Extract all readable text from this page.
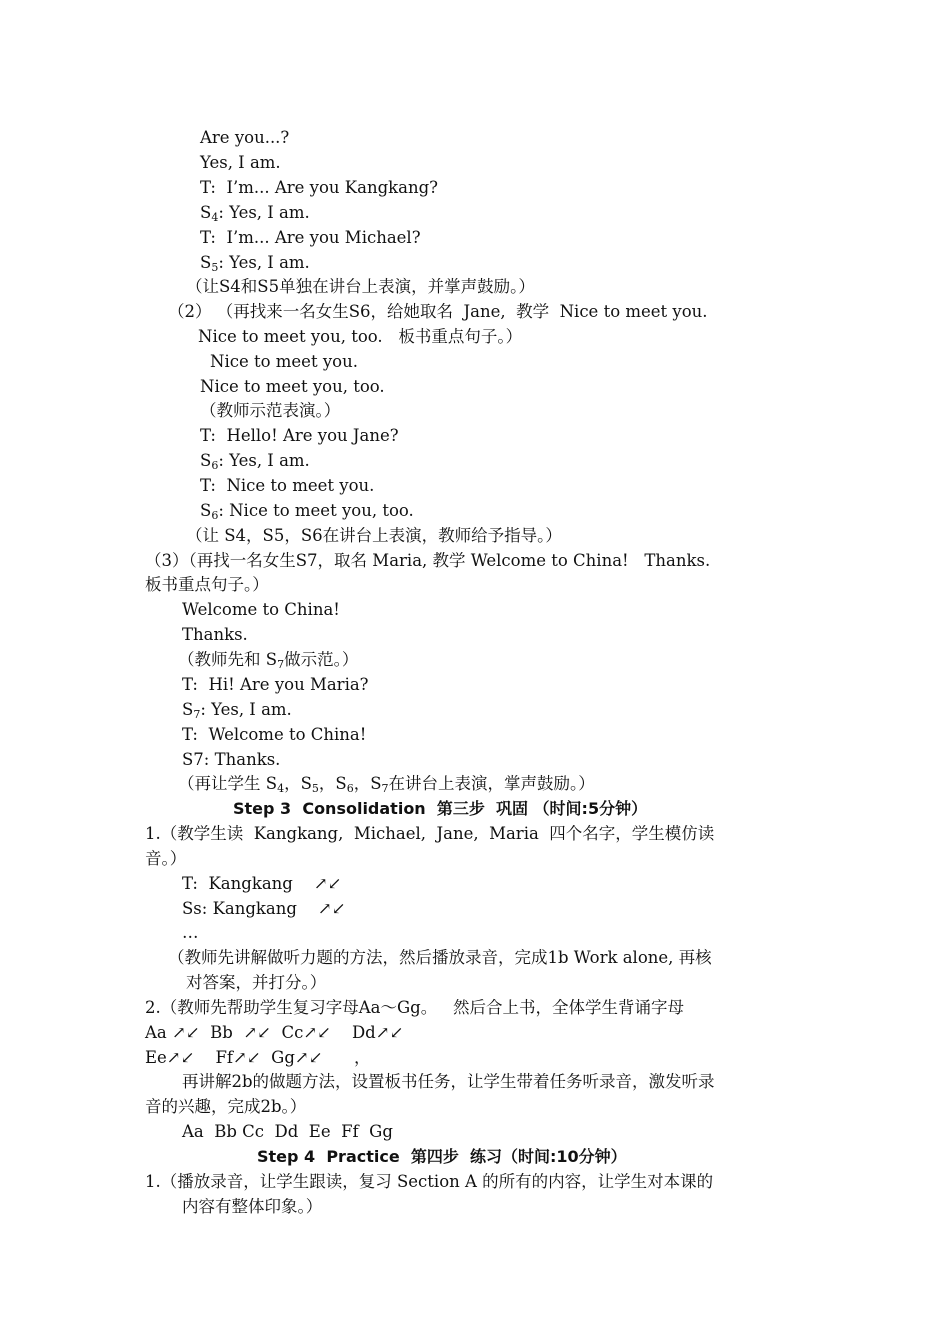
Are you...?
Yes, I am.
T:  I’m... Are you Kangkang?
$S_4$: Yes, I am.
T:  I’m... Are you Michael?
$S_5$: Yes, I am.
（让S4和S5单独在讲台上表演，并掌声鼓励。）
（2） （再找来一名女生S6，给她取名  Jane,  教学  Nice to meet you.
Nice to meet you, too.   板书重点句子。）
Nice to meet you.
Nice to meet you, too.
（教师示范表演。）
T:  Hello! Are you Jane?
$S_6$: Yes, I am.
T:  Nice to meet you.
$S_6$: Nice to meet you, too.
（让 S4，S5，S6在讲台上表演，教师给予指导。）
（3）（再找一名女生S7，取名 Maria, 教学 Welcome to China!   Thanks.
板书重点句子。）
Welcome to China!
Thanks.
（教师先和 $S_7$做示范。）
T:  Hi! Are you Maria?
$S_7$: Yes, I am.
T:  Welcome to China!
S7: Thanks.
（再让学生 $S_4$，$S_5$，$S_6$，$S_7$在讲台上表演，掌声鼓励。）
Step 3  Consolidation  第三步  巩固 （时间:5分钟）
1.（教学生读  Kangkang,  Michael,  Jane,  Maria  四个名字，学生模仿读
音。）
T:  Kangkang    ↗↙
Ss: Kangkang    ↗↙
…
（教师先讲解做听力题的方法，然后播放录音，完成1b Work alone, 再核
对答案，并打分。）
2.（教师先帮助学生复习字母Aa～Gg。   然后合上书，全体学生背诵字母
Aa ↗↙  Bb  ↗↙  Cc↗↙    Dd↗↙
Ee↗↙    Ff↗↙  Gg↗↙      ，
再讲解2b的做题方法，设置板书任务，让学生带着任务听录音，激发听录
音的兴趣，完成2b。）
Aa  Bb Cc  Dd  Ee  Ff  Gg
Step 4  Practice  第四步  练习（时间:10分钟）
1.（播放录音，让学生跟读，复习 Section A 的所有的内容，让学生对本课的
内容有整体印象。）
